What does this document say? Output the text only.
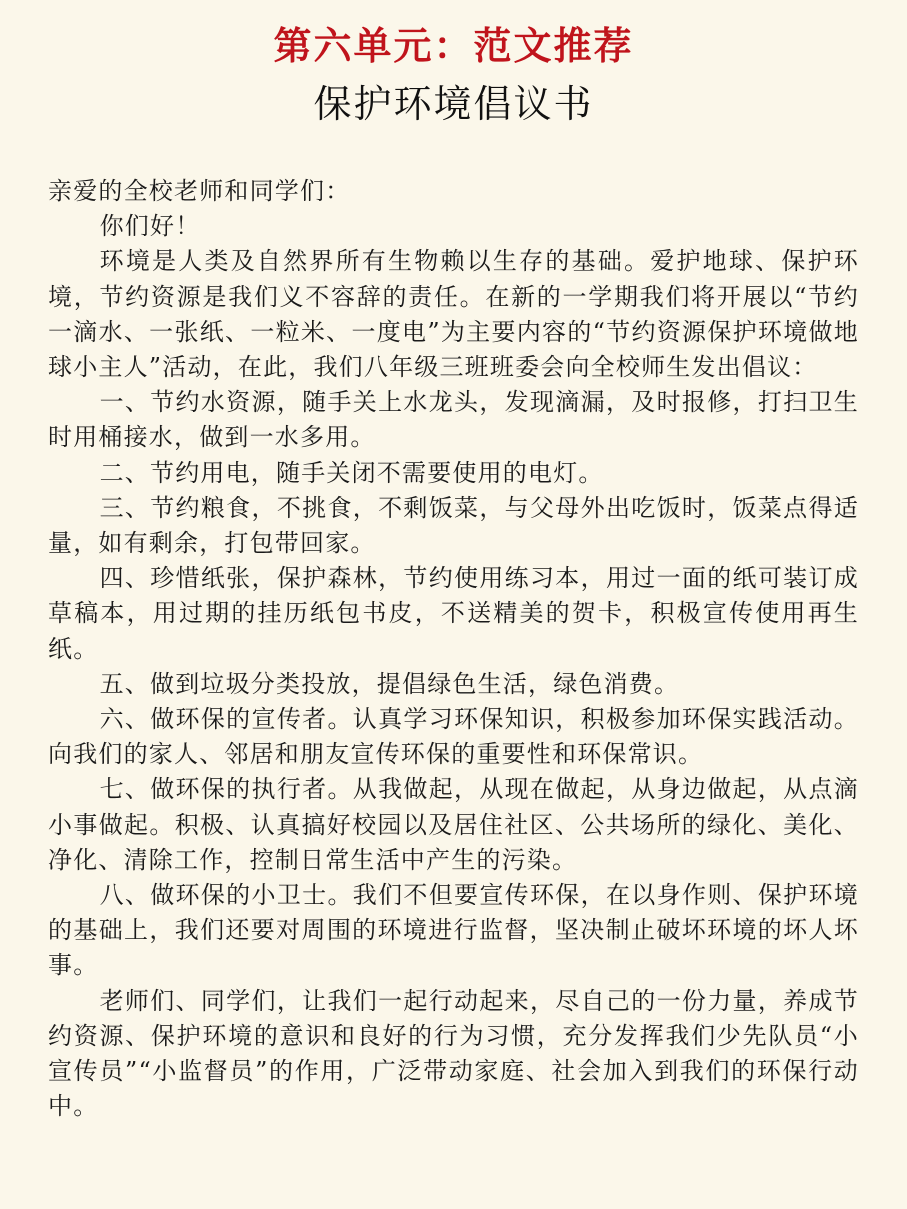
第六单元：范文推荐
保护环境倡议书

亲爱的全校老师和同学们：

你们好！

环境是人类及自然界所有生物赖以生存的基础。爱护地球、保护环境，节约资源是我们义不容辞的责任。在新的一学期我们将开展以“节约一滴水、一张纸、一粒米、一度电”为主要内容的“节约资源保护环境做地球小主人”活动，在此，我们八年级三班班委会向全校师生发出倡议：

一、节约水资源，随手关上水龙头，发现滴漏，及时报修，打扫卫生时用桶接水，做到一水多用。

二、节约用电，随手关闭不需要使用的电灯。

三、节约粮食，不挑食，不剩饭菜，与父母外出吃饭时，饭菜点得适量，如有剩余，打包带回家。

四、珍惜纸张，保护森林，节约使用练习本，用过一面的纸可装订成草稿本，用过期的挂历纸包书皮，不送精美的贺卡，积极宣传使用再生纸。

五、做到垃圾分类投放，提倡绿色生活，绿色消费。

六、做环保的宣传者。认真学习环保知识，积极参加环保实践活动。向我们的家人、邻居和朋友宣传环保的重要性和环保常识。

七、做环保的执行者。从我做起，从现在做起，从身边做起，从点滴小事做起。积极、认真搞好校园以及居住社区、公共场所的绿化、美化、净化、清除工作，控制日常生活中产生的污染。

八、做环保的小卫士。我们不但要宣传环保，在以身作则、保护环境的基础上，我们还要对周围的环境进行监督，坚决制止破坏环境的坏人坏事。

老师们、同学们，让我们一起行动起来，尽自己的一份力量，养成节约资源、保护环境的意识和良好的行为习惯，充分发挥我们少先队员“小宣传员”“小监督员”的作用，广泛带动家庭、社会加入到我们的环保行动中。
